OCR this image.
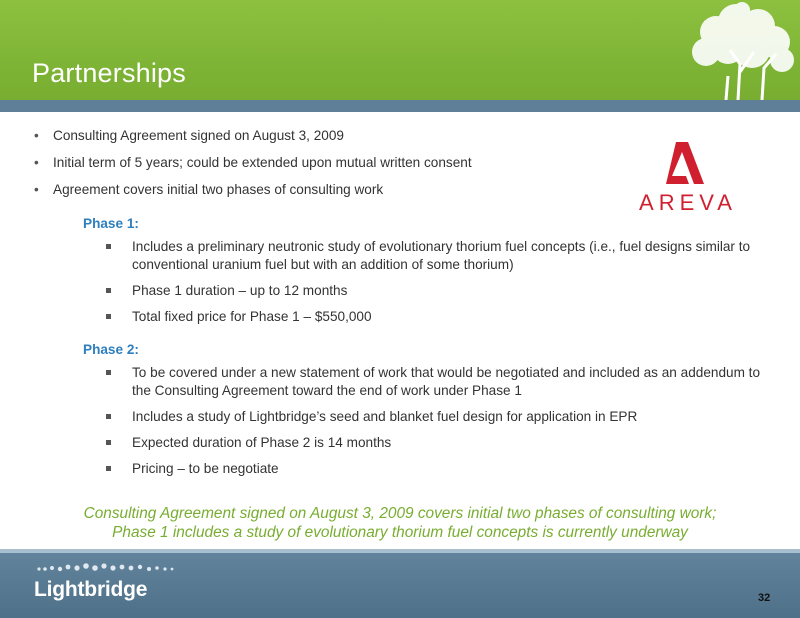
Partnerships
AREVA
• Consulting Agreement signed on August 3, 2009
• Initial term of 5 years; could be extended upon mutual written consent
• Agreement covers initial two phases of consulting work
Phase 1:
Includes a preliminary neutronic study of evolutionary thorium fuel concepts (i.e., fuel designs similar to conventional uranium fuel but with an addition of some thorium)
Phase 1 duration – up to 12 months
Total fixed price for Phase 1 – $550,000
Phase 2:
To be covered under a new statement of work that would be negotiated and included as an addendum to the Consulting Agreement toward the end of work under Phase 1
Includes a study of Lightbridge’s seed and blanket fuel design for application in EPR
Expected duration of Phase 2 is 14 months
Pricing – to be negotiate
Consulting Agreement signed on August 3, 2009 covers initial two phases of consulting work;
Phase 1 includes a study of evolutionary thorium fuel concepts is currently underway
Lightbridge	32
